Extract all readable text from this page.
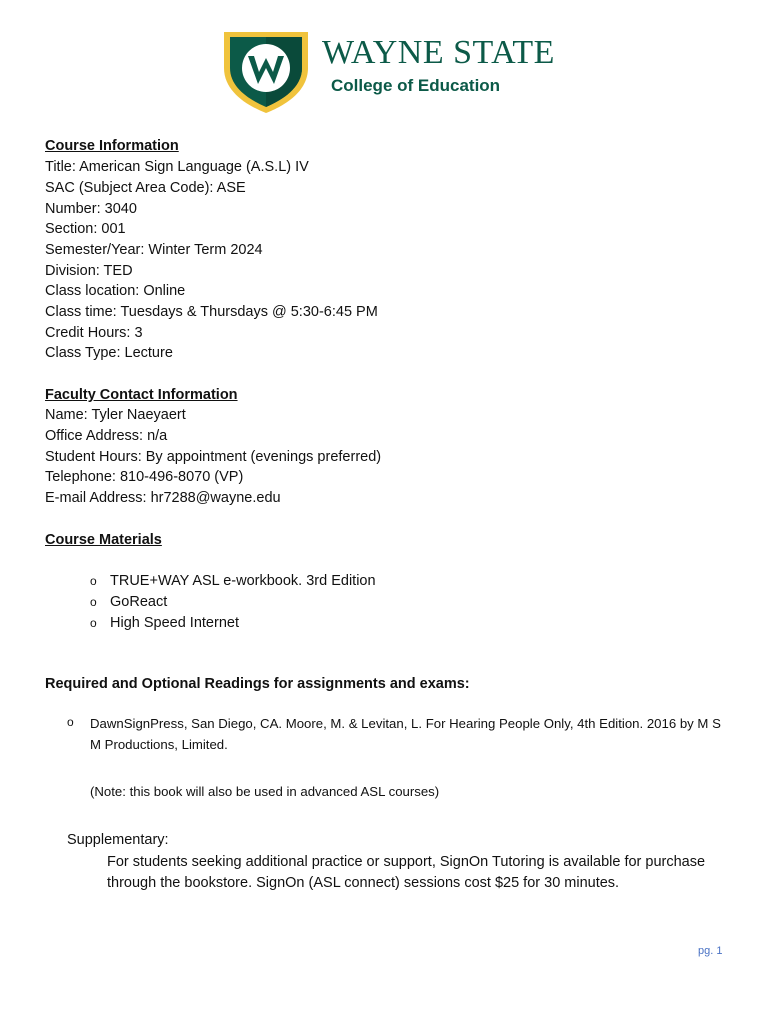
WAYNE STATE
College of Education
Course Information
Title: American Sign Language (A.S.L) IV
SAC (Subject Area Code): ASE
Number: 3040
Section: 001
Semester/Year: Winter Term 2024
Division: TED
Class location: Online
Class time: Tuesdays & Thursdays @ 5:30-6:45 PM
Credit Hours: 3
Class Type: Lecture
Faculty Contact Information
Name: Tyler Naeyaert
Office Address: n/a
Student Hours: By appointment (evenings preferred)
Telephone: 810-496-8070 (VP)
E-mail Address: hr7288@wayne.edu
Course Materials
o TRUE+WAY ASL e-workbook. 3rd Edition
o GoReact
o High Speed Internet
Required and Optional Readings for assignments and exams:
o DawnSignPress, San Diego, CA. Moore, M. & Levitan, L. For Hearing People Only, 4th Edition. 2016 by M S M Productions, Limited.
(Note: this book will also be used in advanced ASL courses)
Supplementary:
For students seeking additional practice or support, SignOn Tutoring is available for purchase through the bookstore. SignOn (ASL connect) sessions cost $25 for 30 minutes.
pg. 1
